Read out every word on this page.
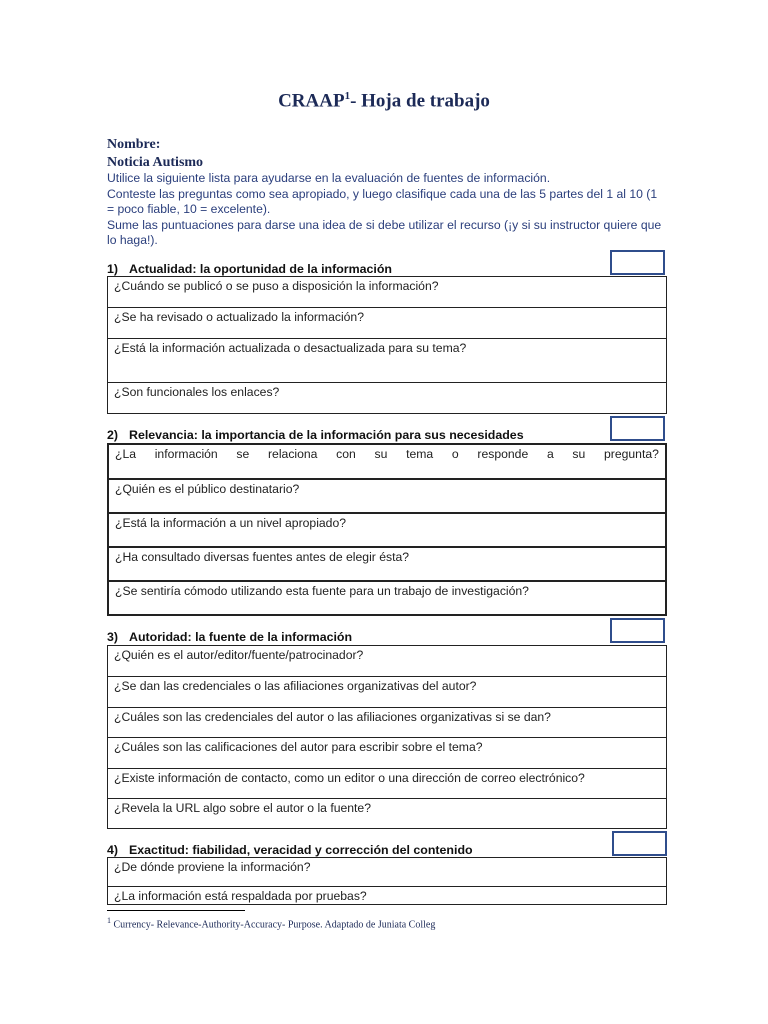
CRAAP$^1$- Hoja de trabajo
Nombre:
Noticia Autismo

Utilice la siguiente lista para ayudarse en la evaluación de fuentes de información.

Conteste las preguntas como sea apropiado, y luego clasifique cada una de las 5 partes del 1 al 10 (1 = poco fiable, 10 = excelente).

Sume las puntuaciones para darse una idea de si debe utilizar el recurso (¡y si su instructor quiere que lo haga!).

1) Actualidad: la oportunidad de la información
¿Cuándo se publicó o se puso a disposición la información?
¿Se ha revisado o actualizado la información?
¿Está la información actualizada o desactualizada para su tema?
¿Son funcionales los enlaces?
2) Relevancia: la importancia de la información para sus necesidades
¿La información se relaciona con su tema o responde a su pregunta?

¿Quién es el público destinatario?
¿Está la información a un nivel apropiado?
¿Ha consultado diversas fuentes antes de elegir ésta?
¿Se sentiría cómodo utilizando esta fuente para un trabajo de investigación?
3) Autoridad: la fuente de la información
¿Quién es el autor/editor/fuente/patrocinador?
¿Se dan las credenciales o las afiliaciones organizativas del autor?
¿Cuáles son las credenciales del autor o las afiliaciones organizativas si se dan?
¿Cuáles son las calificaciones del autor para escribir sobre el tema?
¿Existe información de contacto, como un editor o una dirección de correo electrónico?
¿Revela la URL algo sobre el autor o la fuente?
4) Exactitud: fiabilidad, veracidad y corrección del contenido
¿De dónde proviene la información?
¿La información está respaldada por pruebas?
$^1$ Currency- Relevance-Authority-Accuracy- Purpose. Adaptado de Juniata Colleg
